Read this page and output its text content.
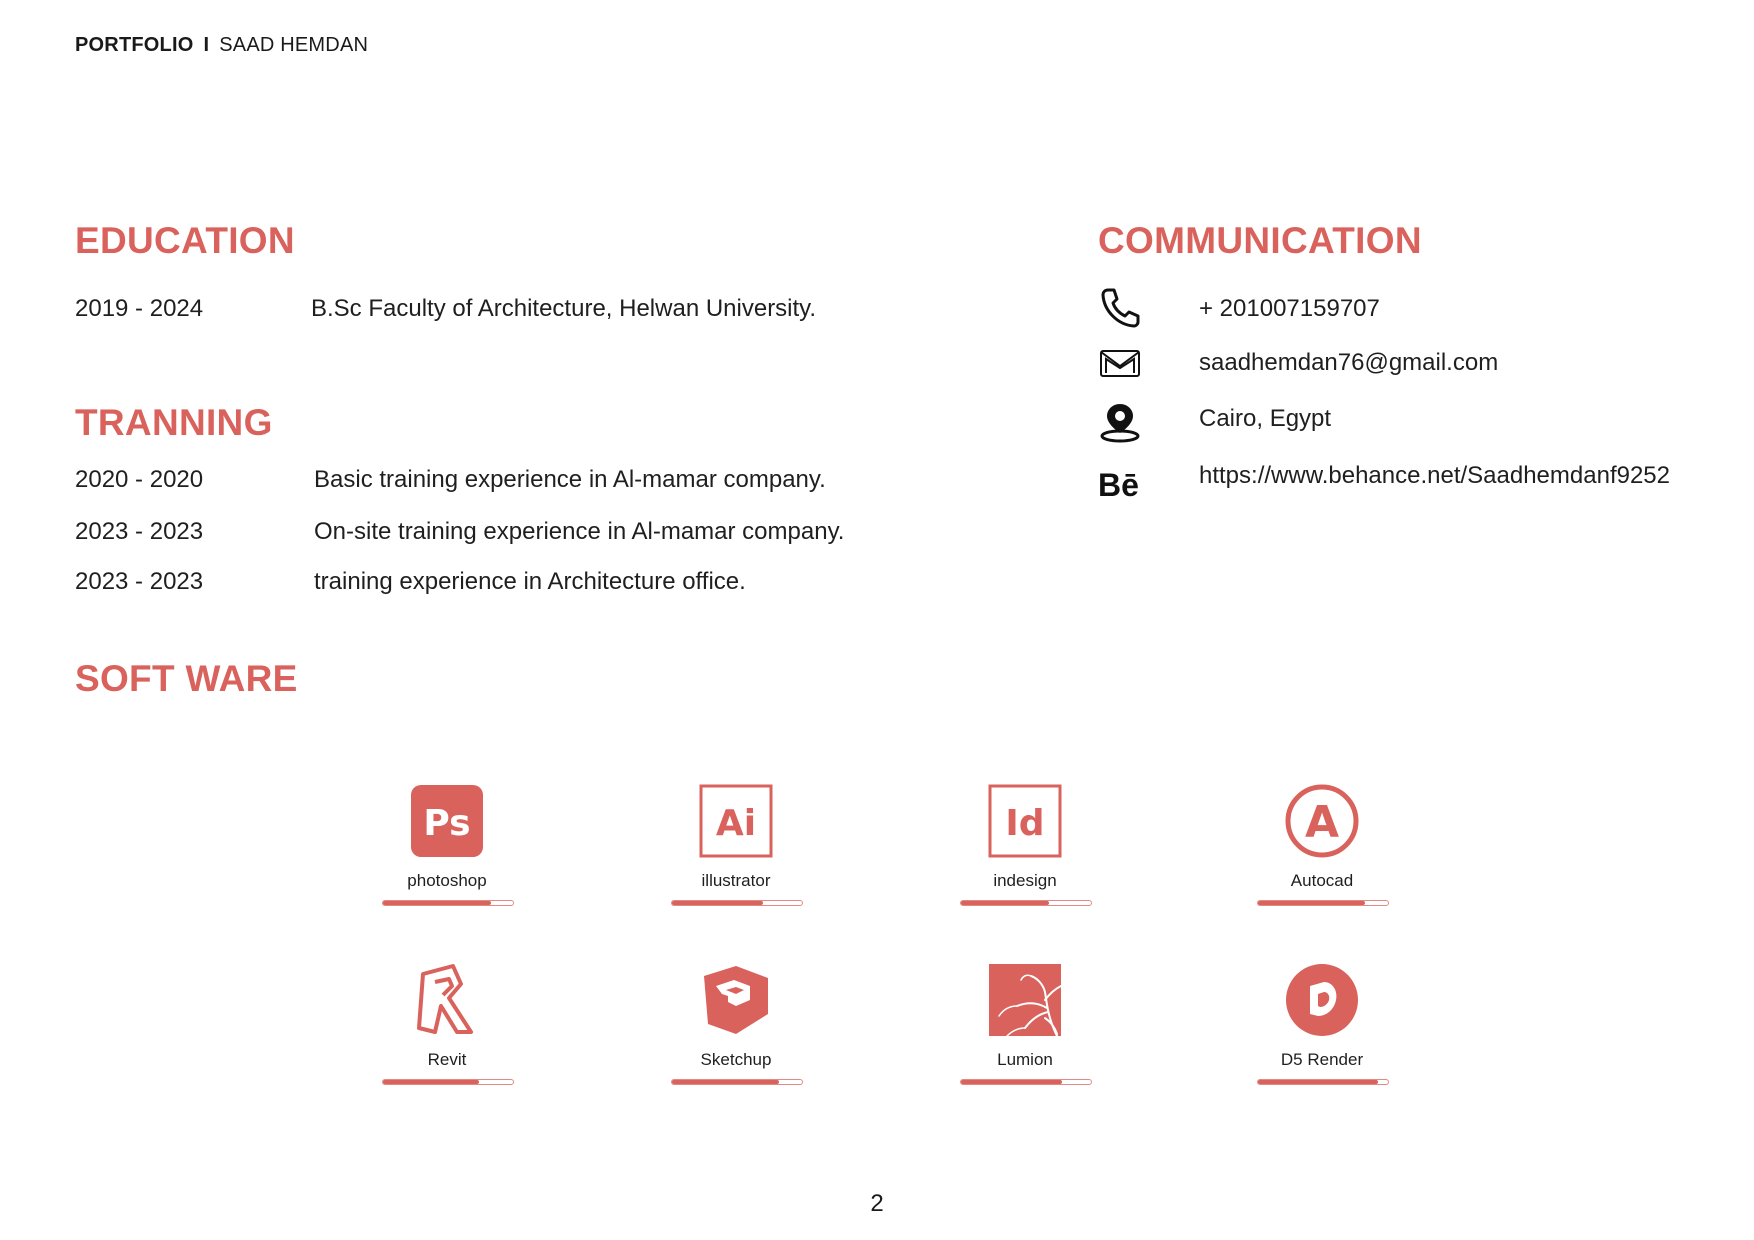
PORTFOLIO I SAAD HEMDAN
EDUCATION
2019 - 2024	B.Sc Faculty of Architecture, Helwan University.
TRANNING
2020 - 2020	Basic training experience in Al-mamar company.
2023 - 2023	On-site training experience in Al-mamar company.
2023 - 2023	training experience in Architecture office.
COMMUNICATION
+ 201007159707
saadhemdan76@gmail.com
Cairo, Egypt
Bē	https://www.behance.net/Saadhemdanf9252
SOFT WARE
Ps
photoshop
Ai
illustrator
Id
indesign
A
Autocad
Revit	Sketchup	Lumion	D5 Render
2
